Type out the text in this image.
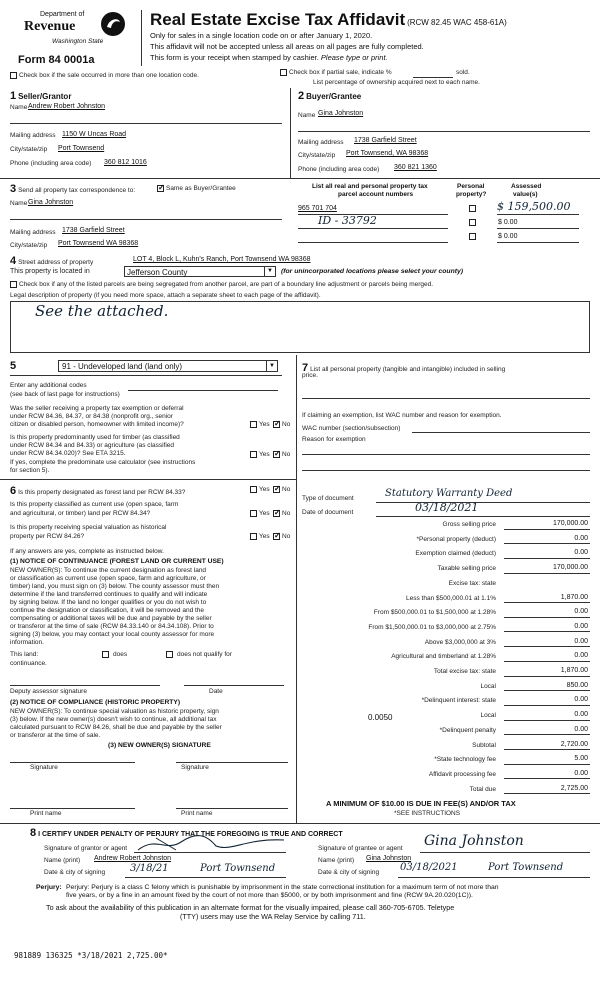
Department of
Revenue
Washington State
Form 84 0001a
Real Estate Excise Tax Affidavit (RCW 82.45 WAC 458-61A)
Only for sales in a single location code on or after January 1, 2020.
This affidavit will not be accepted unless all areas on all pages are fully completed.
This form is your receipt when stamped by cashier. Please type or print.
Check box if the sale occurred in more than one location code.	Check box if partial sale, indicate %	sold.
List percentage of ownership acquired next to each name.
1 Seller/Grantor
Name Andrew Robert Johnston
Mailing address 1150 W Uncas Road
City/state/zip Port Townsend
Phone (including area code) 360 812 1016
2 Buyer/Grantee
Name Gina Johnston
Mailing address 1738 Garfield Street
City/state/zip Port Townsend, WA 98368
Phone (including area code) 360 821 1360
3 Send all property tax correspondence to: ✓	Same as Buyer/Grantee
Name Gina Johnston
Mailing address 1738 Garfield Street
City/state/zip Port Townsend WA 98368
List all real and personal property tax
parcel account numbers
Personal
property?
Assessed
value(s)
965 701 704	$ 159,500.00
ID - 33792	$ 0.00
$ 0.00
4 Street address of property	LOT 4, Block L, Kuhn's Ranch, Port Townsend WA 98368
This property is located in	Jefferson County	▼ (for unincorporated locations please select your county)
Check box if any of the listed parcels are being segregated from another parcel, are part of a boundary line adjustment or parcels being merged.
Legal description of property (if you need more space, attach a separate sheet to each page of the affidavit).
See the attached.
5	91 - Undeveloped land (land only)	▼
Enter any additional codes
(see back of last page for instructions)
Was the seller receiving a property tax exemption or deferral
under RCW 84.36, 84.37, or 84.38 (nonprofit org., senior
citizen or disabled person, homeowner with limited income)?	Yes ✓ No
Is this property predominantly used for timber (as classified
under RCW 84.34 and 84.33) or agriculture (as classified
under RCW 84.34.020)? See ETA 3215.	Yes ✓ No
If yes, complete the predominate use calculator (see instructions
for section 5).
6 Is this property designated as forest land per RCW 84.33?	Yes ✓ No
Is this property classified as current use (open space, farm
and agricultural, or timber) land per RCW 84.34?	Yes ✓ No
Is this property receiving special valuation as historical
property per RCW 84.26?	Yes ✓ No
If any answers are yes, complete as instructed below.
(1) NOTICE OF CONTINUANCE (FOREST LAND OR CURRENT USE)
NEW OWNER(S): To continue the current designation as forest land
or classification as current use (open space, farm and agriculture, or
timber) land, you must sign on (3) below. The county assessor must then
determine if the land transferred continues to qualify and will indicate
by signing below. If the land no longer qualifies or you do not wish to
continue the designation or classification, it will be removed and the
compensating or additional taxes will be due and payable by the seller
or transferor at the time of sale (RCW 84.33.140 or 84.34.108). Prior to
signing (3) below, you may contact your local county assessor for more
information.
This land:	does	does not qualify for
continuance.
Deputy assessor signature	Date
(2) NOTICE OF COMPLIANCE (HISTORIC PROPERTY)
NEW OWNER(S): To continue special valuation as historic property, sign
(3) below. If the new owner(s) doesn't wish to continue, all additional tax
calculated pursuant to RCW 84.26, shall be due and payable by the seller
or transferor at the time of sale.
(3) NEW OWNER(S) SIGNATURE
Signature	Signature
Print name	Print name
7 List all personal property (tangible and intangible) included in selling
price.
If claiming an exemption, list WAC number and reason for exemption.
WAC number (section/subsection)
Reason for exemption
Type of document	Statutory Warranty Deed
Date of document	03/18/2021
Gross selling price	170,000.00
*Personal property (deduct)	0.00
Exemption claimed (deduct)	0.00
Taxable selling price	170,000.00
Excise tax: state
Less than $500,000.01 at 1.1%	1,870.00
From $500,000.01 to $1,500,000 at 1.28%	0.00
From $1,500,000.01 to $3,000,000 at 2.75%	0.00
Above $3,000,000 at 3%	0.00
Agricultural and timberland at 1.28%	0.00
Total excise tax: state	1,870.00
Local	850.00
*Delinquent interest: state	0.00
Local	0.00
*Delinquent penalty	0.00
Subtotal	2,720.00
*State technology fee	5.00
Affidavit processing fee	0.00
Total due	2,725.00
0.0050
A MINIMUM OF $10.00 IS DUE IN FEE(S) AND/OR TAX
*SEE INSTRUCTIONS
8 I CERTIFY UNDER PENALTY OF PERJURY THAT THE FOREGOING IS TRUE AND CORRECT
Signature of grantor or agent
Name (print) Andrew Robert Johnston
Date & city of signing 3/18/21	Port Townsend
Signature of grantee or agent Gina Johnston
Name (print) Gina Johnston
Date & city of signing 03/18/2021	Port Townsend
Perjury: Perjury: Perjury is a class C felony which is punishable by imprisonment in the state correctional institution for a maximum term of not more than
five years, or by a fine in an amount fixed by the court of not more than $5000, or by both imprisonment and fine (RCW 9A.20.020(1C)).
To ask about the availability of this publication in an alternate format for the visually impaired, please call 360-705-6705. Teletype
(TTY) users may use the WA Relay Service by calling 711.
981889 136325 *3/18/2021 2,725.00*
